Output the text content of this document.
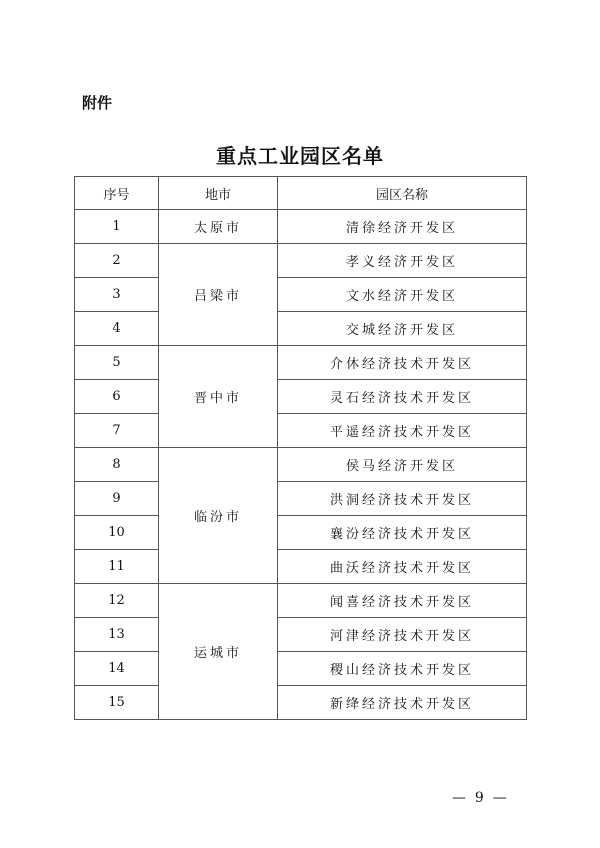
附件
重点工业园区名单
序号	地市	园区名称
1	太原市	清徐经济开发区
2	吕梁市	孝义经济开发区
3		文水经济开发区
4		交城经济开发区
5	晋中市	介休经济技术开发区
6		灵石经济技术开发区
7		平遥经济技术开发区
8	临汾市	侯马经济开发区
9		洪洞经济技术开发区
10		襄汾经济技术开发区
11		曲沃经济技术开发区
12	运城市	闻喜经济技术开发区
13		河津经济技术开发区
14		稷山经济技术开发区
15		新绛经济技术开发区
—  9  —
